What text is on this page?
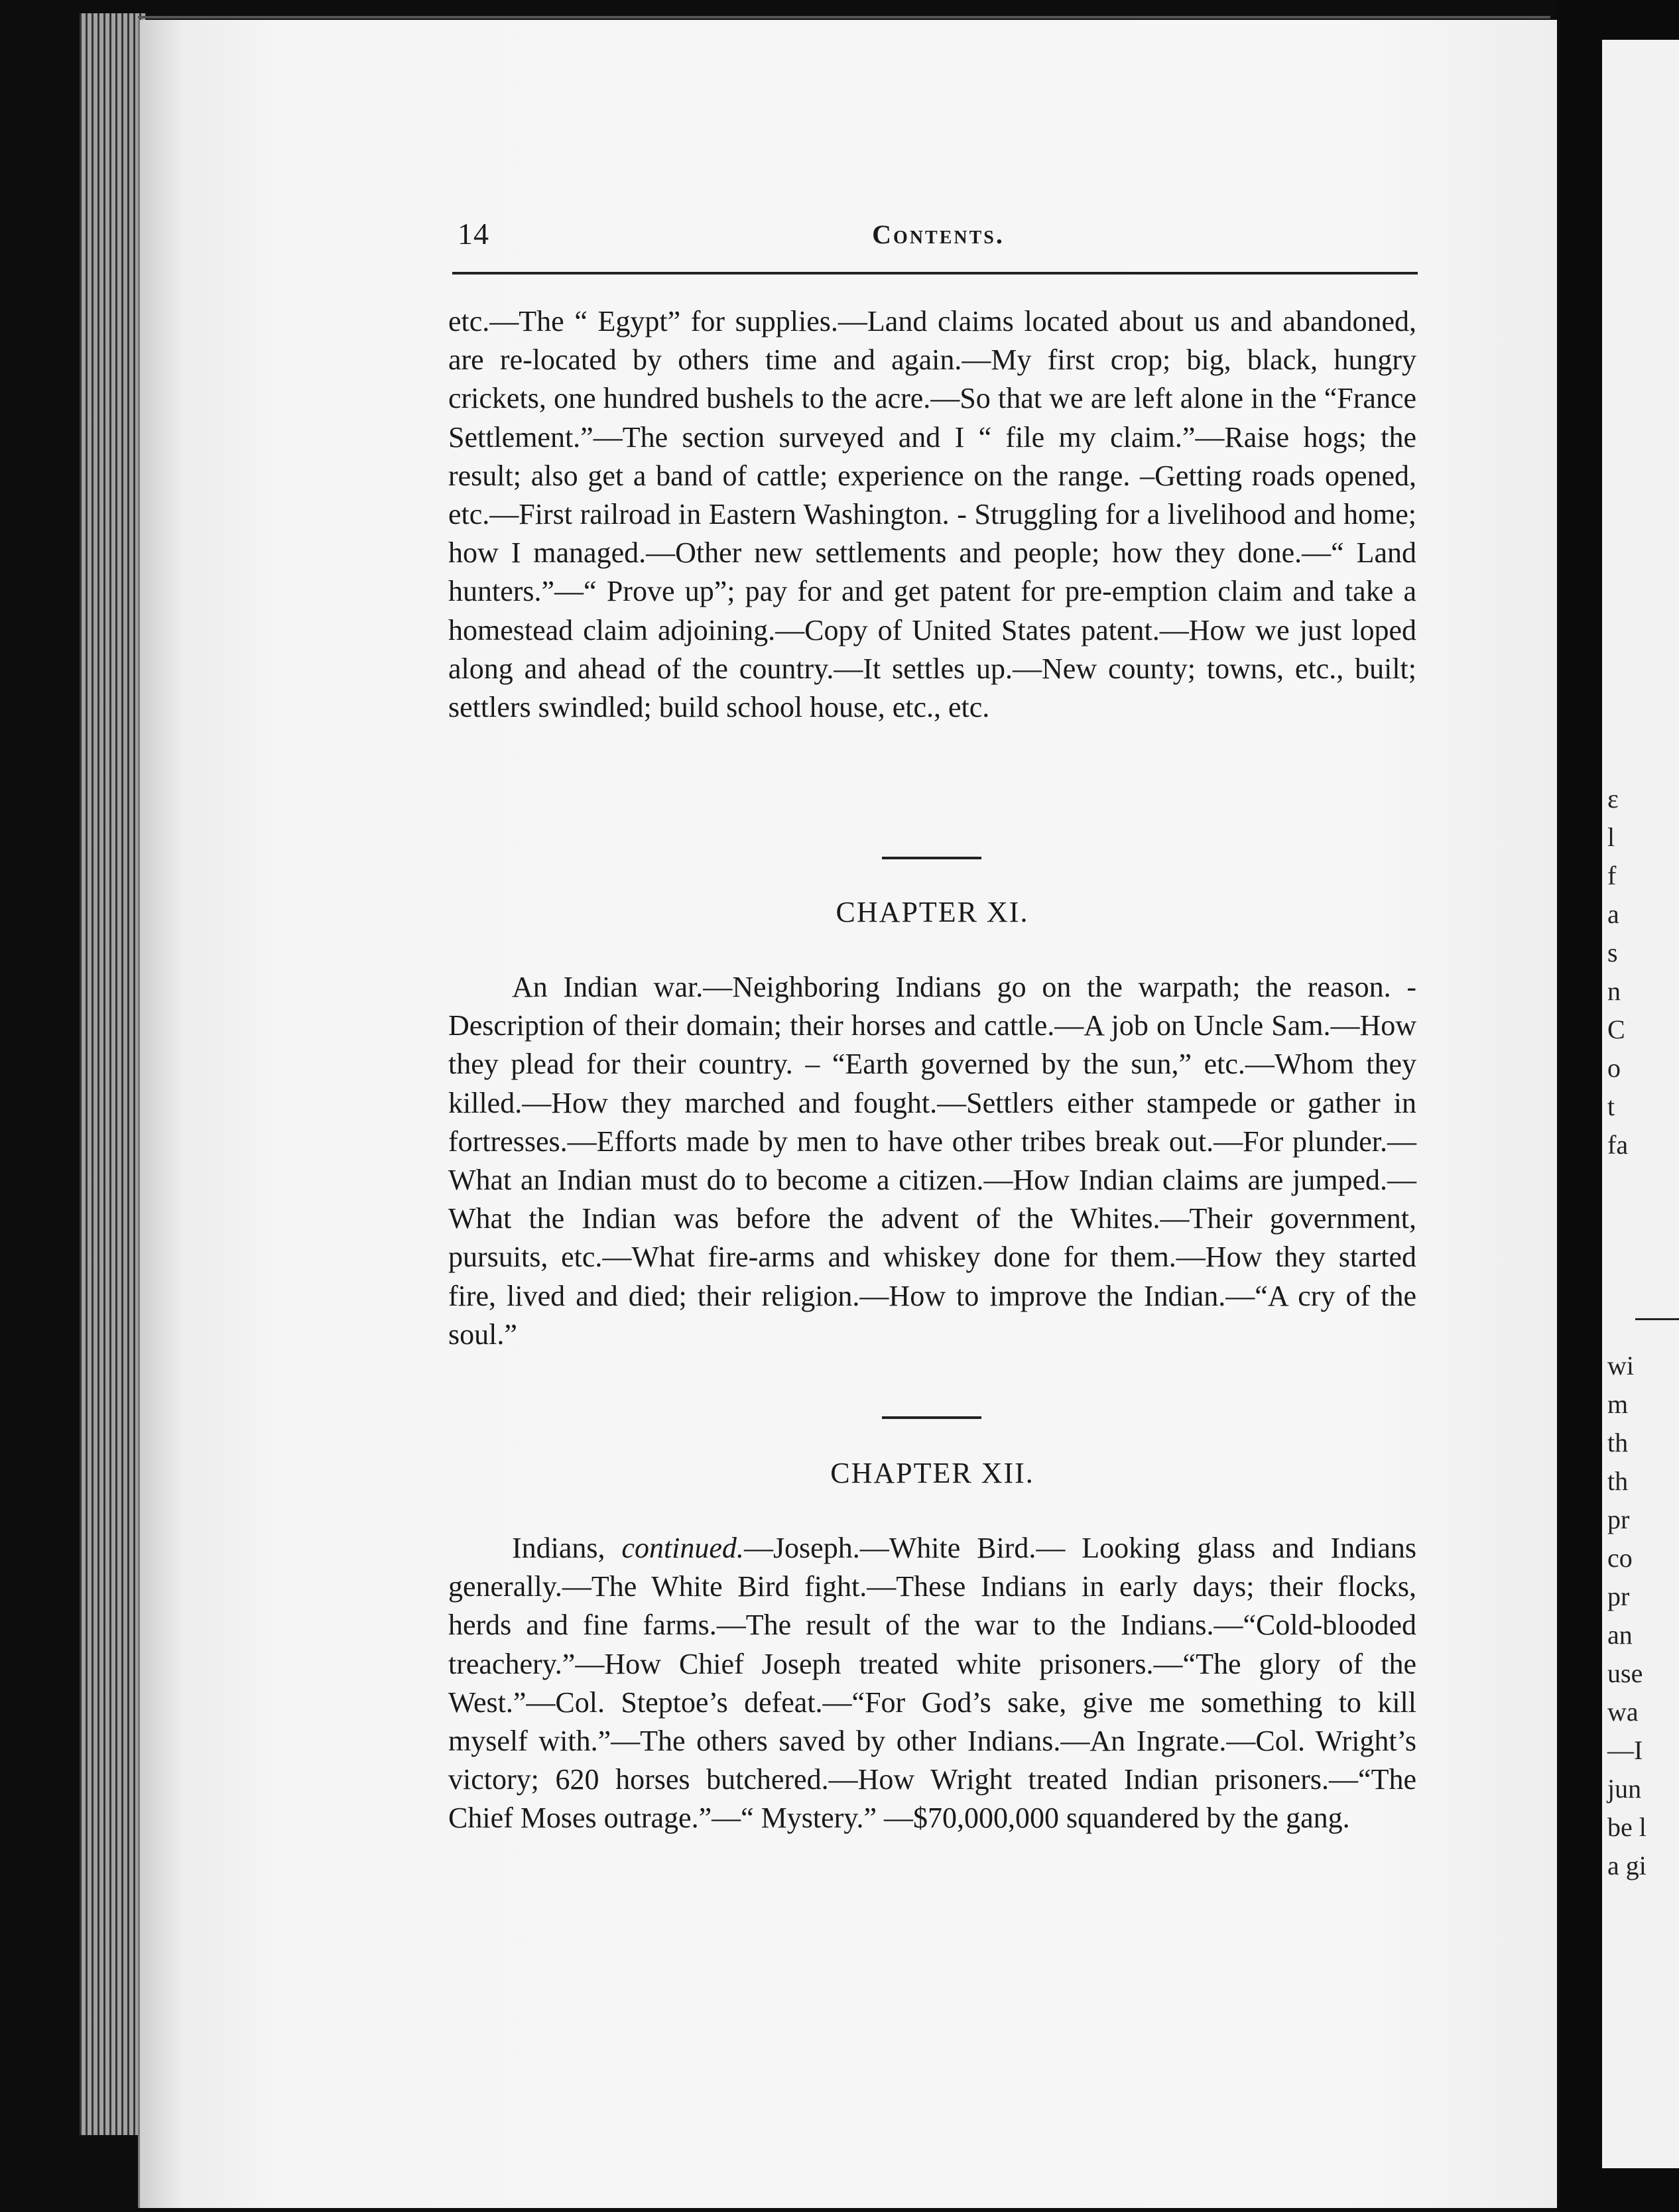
ε
l
f
a
s
n
C
o
t
fa
wi
m
th
th
pr
co
pr
an
use
wa
—I
jun
be l
a gi
14	Contents.

etc.—The “ Egypt” for supplies.—Land claims located about us and abandoned, are re-located by others time and again.—My first crop; big, black, hungry crickets, one hundred bushels to the acre.—So that we are left alone in the “France Settlement.”—The section surveyed and I “ file my claim.”—Raise hogs; the result; also get a band of cattle; experience on the range. –Getting roads opened, etc.—First railroad in Eastern Washington. - Struggling for a livelihood and home; how I managed.—Other new settlements and people; how they done.—“ Land hunters.”—“ Prove up”; pay for and get patent for pre-emption claim and take a homestead claim adjoining.—Copy of United States patent.—How we just loped along and ahead of the country.—It settles up.—New county; towns, etc., built; settlers swindled; build school house, etc., etc.

CHAPTER XI.

An Indian war.—Neighboring Indians go on the warpath; the reason. - Description of their domain; their horses and cattle.—A job on Uncle Sam.—How they plead for their country. – “Earth governed by the sun,” etc.—Whom they killed.—How they marched and fought.—Settlers either stampede or gather in fortresses.—Efforts made by men to have other tribes break out.—For plunder.—What an Indian must do to become a citizen.—How Indian claims are jumped.—What the Indian was before the advent of the Whites.—Their government, pursuits, etc.—What fire-arms and whiskey done for them.—How they started fire, lived and died; their religion.—How to improve the Indian.—“A cry of the soul.”

CHAPTER XII.

Indians, continued.—Joseph.—White Bird.— Looking glass and Indians generally.—The White Bird fight.—These Indians in early days; their flocks, herds and fine farms.—The result of the war to the Indians.—“Cold-blooded treachery.”—How Chief Joseph treated white prisoners.—“The glory of the West.”—Col. Steptoe’s defeat.—“For God’s sake, give me something to kill myself with.”—The others saved by other Indians.—An Ingrate.—Col. Wright’s victory; 620 horses butchered.—How Wright treated Indian prisoners.—“The Chief Moses outrage.”—“ Mystery.” —$70,000,000 squandered by the gang.
